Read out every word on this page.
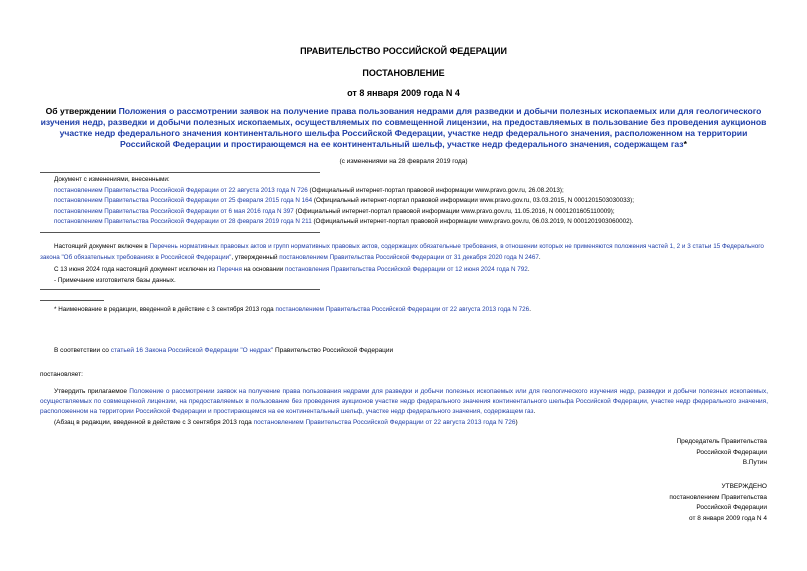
ПРАВИТЕЛЬСТВО РОССИЙСКОЙ ФЕДЕРАЦИИ
ПОСТАНОВЛЕНИЕ
от 8 января 2009 года N 4
Об утверждении Положения о рассмотрении заявок на получение права пользования недрами для разведки и добычи полезных ископаемых или для геологического изучения недр, разведки и добычи полезных ископаемых, осуществляемых по совмещенной лицензии, на предоставляемых в пользование без проведения аукционов участке недр федерального значения континентального шельфа Российской Федерации, участке недр федерального значения, расположенном на территории Российской Федерации и простирающемся на ее континентальный шельф, участке недр федерального значения, содержащем газ*
(с изменениями на 28 февраля 2019 года)
Документ с изменениями, внесенными:
постановлением Правительства Российской Федерации от 22 августа 2013 года N 726 (Официальный интернет-портал правовой информации www.pravo.gov.ru, 26.08.2013);
постановлением Правительства Российской Федерации от 25 февраля 2015 года N 164 (Официальный интернет-портал правовой информации www.pravo.gov.ru, 03.03.2015, N 0001201503030033);
постановлением Правительства Российской Федерации от 6 мая 2016 года N 397 (Официальный интернет-портал правовой информации www.pravo.gov.ru, 11.05.2016, N 0001201605110009);
постановлением Правительства Российской Федерации от 28 февраля 2019 года N 211 (Официальный интернет-портал правовой информации www.pravo.gov.ru, 06.03.2019, N 0001201903060002).
Настоящий документ включен в Перечень нормативных правовых актов и групп нормативных правовых актов, содержащих обязательные требования, в отношении которых не применяются положения частей 1, 2 и 3 статьи 15 Федерального закона "Об обязательных требованиях в Российской Федерации", утвержденный постановлением Правительства Российской Федерации от 31 декабря 2020 года N 2467.
С 13 июня 2024 года настоящий документ исключен из Перечня на основании постановления Правительства Российской Федерации от 12 июня 2024 года N 792.
- Примечание изготовителя базы данных.
* Наименование в редакции, введенной в действие с 3 сентября 2013 года постановлением Правительства Российской Федерации от 22 августа 2013 года N 726.
В соответствии со статьей 16 Закона Российской Федерации "О недрах" Правительство Российской Федерации
постановляет:
Утвердить прилагаемое Положение о рассмотрении заявок на получение права пользования недрами для разведки и добычи полезных ископаемых или для геологического изучения недр, разведки и добычи полезных ископаемых, осуществляемых по совмещенной лицензии, на предоставляемых в пользование без проведения аукционов участке недр федерального значения континентального шельфа Российской Федерации, участке недр федерального значения, расположенном на территории Российской Федерации и простирающемся на ее континентальный шельф, участке недр федерального значения, содержащем газ.
(Абзац в редакции, введенной в действие с 3 сентября 2013 года постановлением Правительства Российской Федерации от 22 августа 2013 года N 726)
Председатель Правительства
Российской Федерации
В.Путин
УТВЕРЖДЕНО
постановлением Правительства
Российской Федерации
от 8 января 2009 года N 4
